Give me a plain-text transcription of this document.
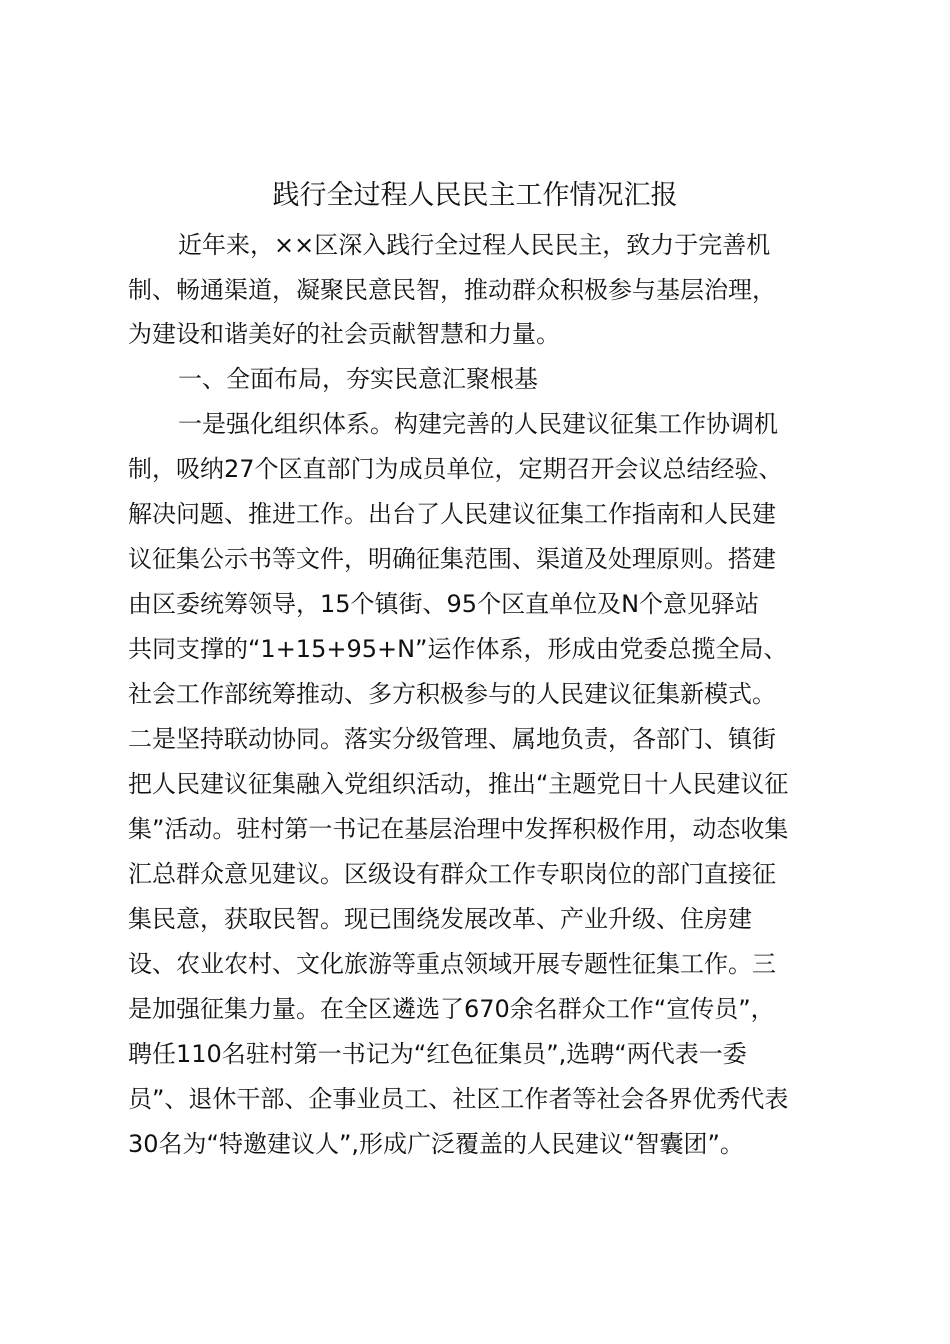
践行全过程人民民主工作情况汇报
近年来，××区深入践行全过程人民民主，致力于完善机
制、畅通渠道，凝聚民意民智，推动群众积极参与基层治理，
为建设和谐美好的社会贡献智慧和力量。
一、全面布局，夯实民意汇聚根基
一是强化组织体系。构建完善的人民建议征集工作协调机
制，吸纳27个区直部门为成员单位，定期召开会议总结经验、
解决问题、推进工作。出台了人民建议征集工作指南和人民建
议征集公示书等文件，明确征集范围、渠道及处理原则。搭建
由区委统筹领导，15个镇街、95个区直单位及N个意见驿站
共同支撑的“1+15+95+N”运作体系，形成由党委总揽全局、
社会工作部统筹推动、多方积极参与的人民建议征集新模式。
二是坚持联动协同。落实分级管理、属地负责，各部门、镇街
把人民建议征集融入党组织活动，推出“主题党日十人民建议征
集”活动。驻村第一书记在基层治理中发挥积极作用，动态收集
汇总群众意见建议。区级设有群众工作专职岗位的部门直接征
集民意，获取民智。现已围绕发展改革、产业升级、住房建
设、农业农村、文化旅游等重点领域开展专题性征集工作。三
是加强征集力量。在全区遴选了670余名群众工作“宣传员”，
聘任110名驻村第一书记为“红色征集员”,选聘“两代表一委
员”、退休干部、企事业员工、社区工作者等社会各界优秀代表
30名为“特邀建议人”,形成广泛覆盖的人民建议“智囊团”。
